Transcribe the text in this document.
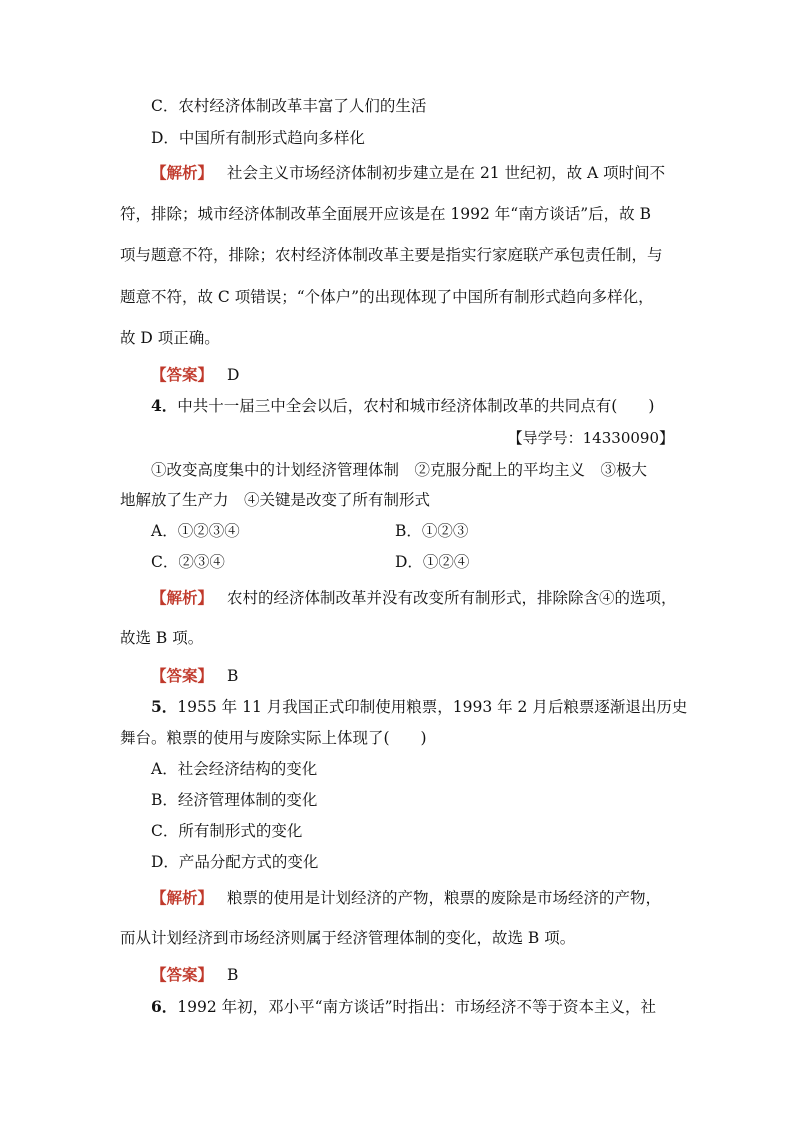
C．农村经济体制改革丰富了人们的生活
D．中国所有制形式趋向多样化
【解析】 社会主义市场经济体制初步建立是在 21 世纪初，故 A 项时间不
符，排除；城市经济体制改革全面展开应该是在 1992 年“南方谈话”后，故 B
项与题意不符，排除；农村经济体制改革主要是指实行家庭联产承包责任制，与
题意不符，故 C 项错误；“个体户”的出现体现了中国所有制形式趋向多样化，
故 D 项正确。
【答案】 D
4．中共十一届三中全会以后，农村和城市经济体制改革的共同点有(　　)
【导学号：14330090】
①改变高度集中的计划经济管理体制　②克服分配上的平均主义　③极大
地解放了生产力　④关键是改变了所有制形式
A．①②③④	B．①②③
C．②③④	D．①②④
【解析】 农村的经济体制改革并没有改变所有制形式，排除除含④的选项，
故选 B 项。
【答案】 B
5．1955 年 11 月我国正式印制使用粮票，1993 年 2 月后粮票逐渐退出历史
舞台。粮票的使用与废除实际上体现了(　　)
A．社会经济结构的变化
B．经济管理体制的变化
C．所有制形式的变化
D．产品分配方式的变化
【解析】 粮票的使用是计划经济的产物，粮票的废除是市场经济的产物，
而从计划经济到市场经济则属于经济管理体制的变化，故选 B 项。
【答案】 B
6．1992 年初，邓小平“南方谈话”时指出：市场经济不等于资本主义，社
